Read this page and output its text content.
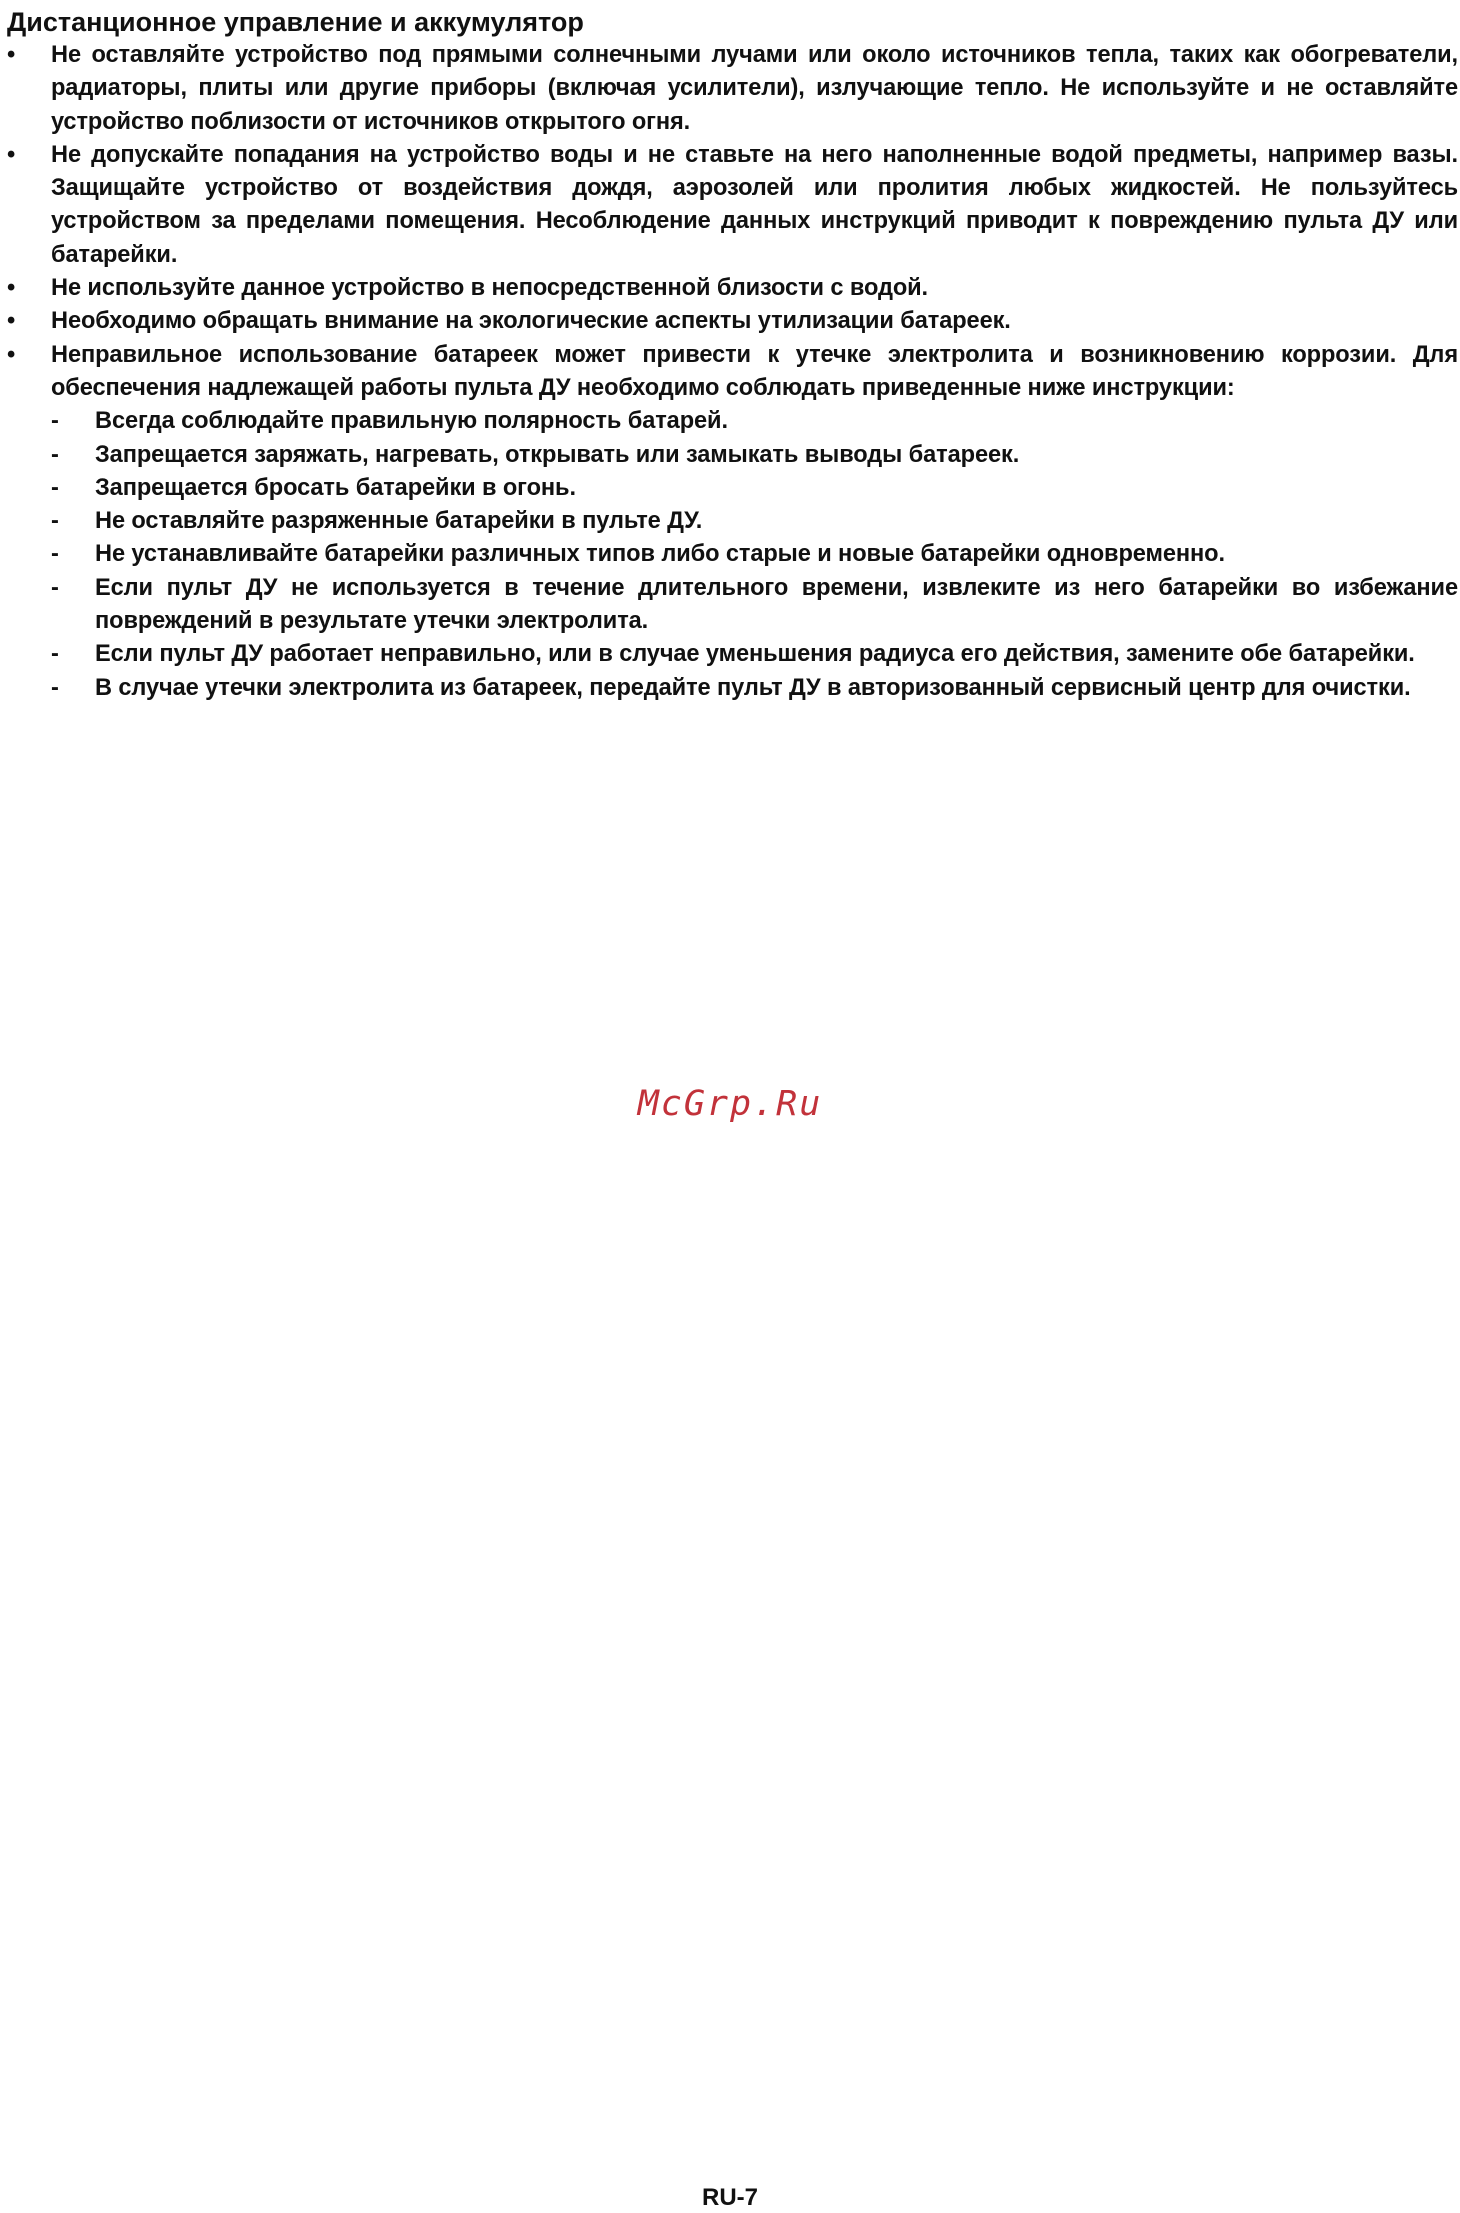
Дистанционное управление и аккумулятор
•	Не оставляйте устройство под прямыми солнечными лучами или около источников тепла, таких как обогреватели, радиаторы, плиты или другие приборы (включая усилители), излучающие тепло. Не используйте и не оставляйте устройство поблизости от источников открытого огня.
•	Не допускайте попадания на устройство воды и не ставьте на него наполненные водой предметы, например вазы. Защищайте устройство от воздействия дождя, аэрозолей или пролития любых жидкостей. Не пользуйтесь устройством за пределами помещения. Несоблюдение данных инструкций приводит к повреждению пульта ДУ или батарейки.
•	Не используйте данное устройство в непосредственной близости с водой.
•	Необходимо обращать внимание на экологические аспекты утилизации батареек.
•	Неправильное использование батареек может привести к утечке электролита и возникновению коррозии. Для обеспечения надлежащей работы пульта ДУ необходимо соблюдать приведенные ниже инструкции:
- Всегда соблюдайте правильную полярность батарей.
- Запрещается заряжать, нагревать, открывать или замыкать выводы батареек.
- Запрещается бросать батарейки в огонь.
- Не оставляйте разряженные батарейки в пульте ДУ.
- Не устанавливайте батарейки различных типов либо старые и новые батарейки одновременно.
- Если пульт ДУ не используется в течение длительного времени, извлеките из него батарейки во избежание повреждений в результате утечки электролита.
- Если пульт ДУ работает неправильно, или в случае уменьшения радиуса его действия, замените обе батарейки.
- В случае утечки электролита из батареек, передайте пульт ДУ в авторизованный сервисный центр для очистки.
McGrp.Ru
RU-7
